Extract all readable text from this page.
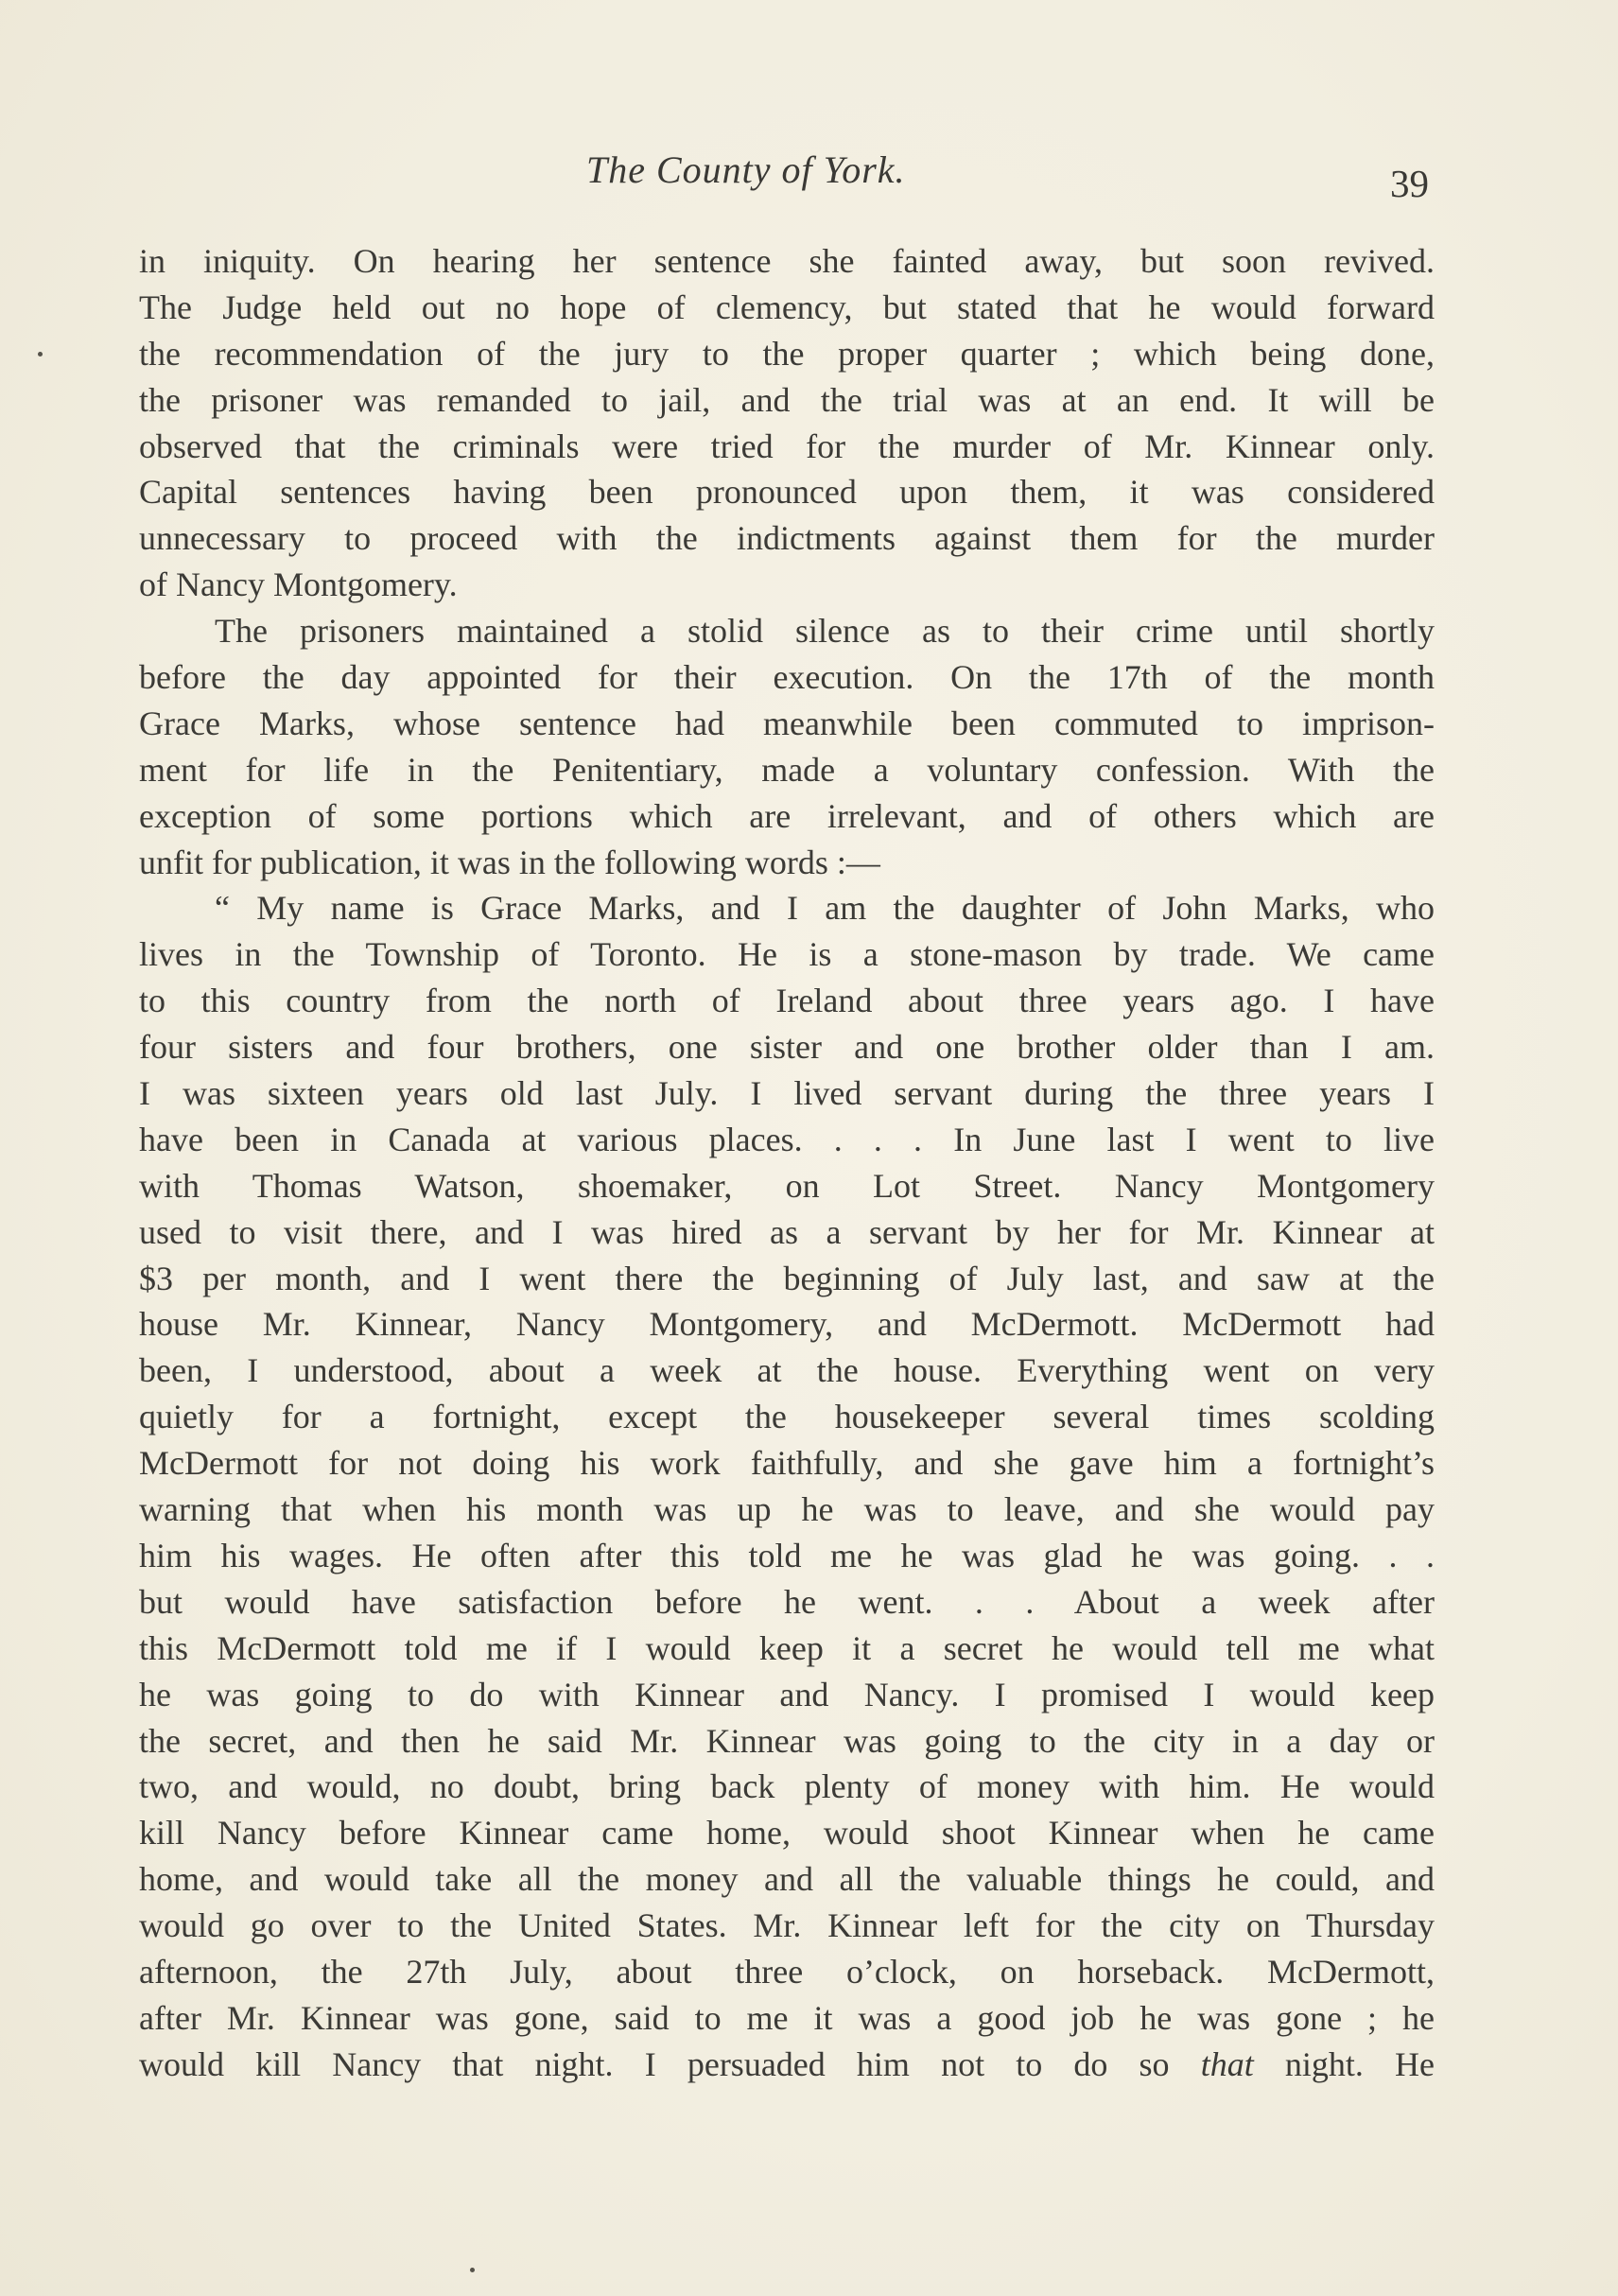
The County of York.	39
in iniquity. On hearing her sentence she fainted away, but soon revived.
The Judge held out no hope of clemency, but stated that he would forward
the recommendation of the jury to the proper quarter ; which being done,
the prisoner was remanded to jail, and the trial was at an end. It will be
observed that the criminals were tried for the murder of Mr. Kinnear only.
Capital sentences having been pronounced upon them, it was considered
unnecessary to proceed with the indictments against them for the murder
of Nancy Montgomery.
The prisoners maintained a stolid silence as to their crime until shortly
before the day appointed for their execution. On the 17th of the month
Grace Marks, whose sentence had meanwhile been commuted to imprison-
ment for life in the Penitentiary, made a voluntary confession. With the
exception of some portions which are irrelevant, and of others which are
unfit for publication, it was in the following words :—
“ My name is Grace Marks, and I am the daughter of John Marks, who
lives in the Township of Toronto. He is a stone-mason by trade. We came
to this country from the north of Ireland about three years ago. I have
four sisters and four brothers, one sister and one brother older than I am.
I was sixteen years old last July. I lived servant during the three years I
have been in Canada at various places. . . . In June last I went to live
with Thomas Watson, shoemaker, on Lot Street. Nancy Montgomery
used to visit there, and I was hired as a servant by her for Mr. Kinnear at
$3 per month, and I went there the beginning of July last, and saw at the
house Mr. Kinnear, Nancy Montgomery, and McDermott. McDermott had
been, I understood, about a week at the house. Everything went on very
quietly for a fortnight, except the housekeeper several times scolding
McDermott for not doing his work faithfully, and she gave him a fortnight’s
warning that when his month was up he was to leave, and she would pay
him his wages. He often after this told me he was glad he was going. . .
but would have satisfaction before he went. . . About a week after
this McDermott told me if I would keep it a secret he would tell me what
he was going to do with Kinnear and Nancy. I promised I would keep
the secret, and then he said Mr. Kinnear was going to the city in a day or
two, and would, no doubt, bring back plenty of money with him. He would
kill Nancy before Kinnear came home, would shoot Kinnear when he came
home, and would take all the money and all the valuable things he could, and
would go over to the United States. Mr. Kinnear left for the city on Thursday
afternoon, the 27th July, about three o’clock, on horseback. McDermott,
after Mr. Kinnear was gone, said to me it was a good job he was gone ; he
would kill Nancy that night. I persuaded him not to do so that night. He
